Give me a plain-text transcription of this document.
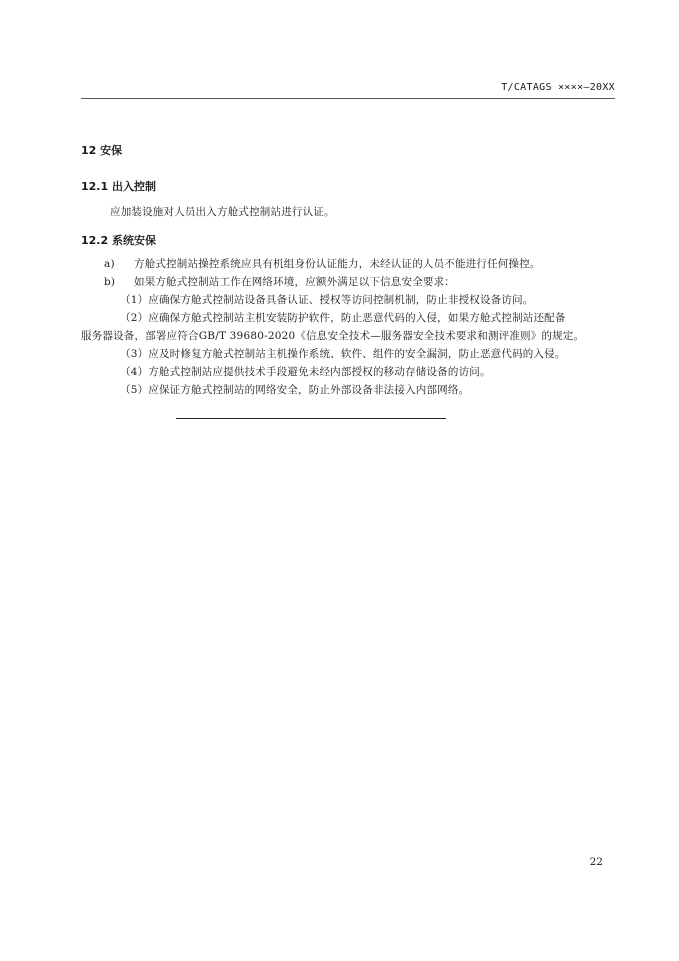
T/CATAGS ××××—20XX
12 安保
12.1 出入控制
应加装设施对人员出入方舱式控制站进行认证。
12.2 系统安保
a) 方舱式控制站操控系统应具有机组身份认证能力，未经认证的人员不能进行任何操控。
b) 如果方舱式控制站工作在网络环境，应额外满足以下信息安全要求：
（1）应确保方舱式控制站设备具备认证、授权等访问控制机制，防止非授权设备访问。
（2）应确保方舱式控制站主机安装防护软件，防止恶意代码的入侵，如果方舱式控制站还配备
服务器设备，部署应符合GB/T 39680-2020《信息安全技术—服务器安全技术要求和测评准则》的规定。
（3）应及时修复方舱式控制站主机操作系统、软件、组件的安全漏洞，防止恶意代码的入侵。
（4）方舱式控制站应提供技术手段避免未经内部授权的移动存储设备的访问。
（5）应保证方舱式控制站的网络安全，防止外部设备非法接入内部网络。
22
